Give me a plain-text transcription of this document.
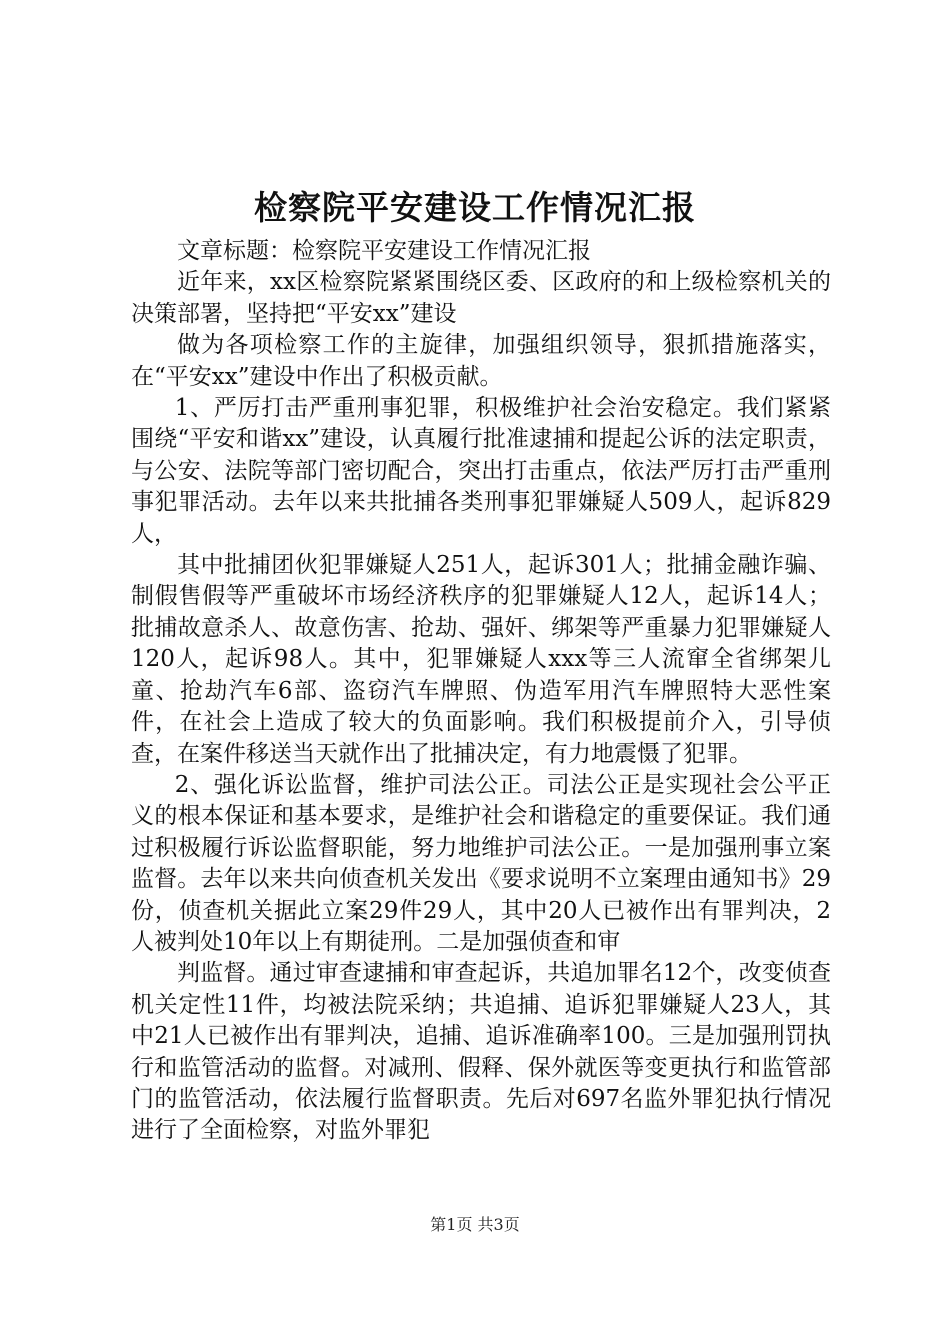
检察院平安建设工作情况汇报

文章标题：检察院平安建设工作情况汇报

近年来，xx区检察院紧紧围绕区委、区政府的和上级检察机关的决策部署，坚持把“平安xx”建设

做为各项检察工作的主旋律，加强组织领导，狠抓措施落实，在“平安xx”建设中作出了积极贡献。

1、严厉打击严重刑事犯罪，积极维护社会治安稳定。我们紧紧围绕“平安和谐xx”建设，认真履行批准逮捕和提起公诉的法定职责，与公安、法院等部门密切配合，突出打击重点，依法严厉打击严重刑事犯罪活动。去年以来共批捕各类刑事犯罪嫌疑人509人，起诉829人，

其中批捕团伙犯罪嫌疑人251人，起诉301人；批捕金融诈骗、制假售假等严重破坏市场经济秩序的犯罪嫌疑人12人，起诉14人；批捕故意杀人、故意伤害、抢劫、强奸、绑架等严重暴力犯罪嫌疑人120人，起诉98人。其中，犯罪嫌疑人xxx等三人流窜全省绑架儿童、抢劫汽车6部、盗窃汽车牌照、伪造军用汽车牌照特大恶性案件，在社会上造成了较大的负面影响。我们积极提前介入，引导侦查，在案件移送当天就作出了批捕决定，有力地震慑了犯罪。

2、强化诉讼监督，维护司法公正。司法公正是实现社会公平正义的根本保证和基本要求，是维护社会和谐稳定的重要保证。我们通过积极履行诉讼监督职能，努力地维护司法公正。一是加强刑事立案监督。去年以来共向侦查机关发出《要求说明不立案理由通知书》29份，侦查机关据此立案29件29人，其中20人已被作出有罪判决，2人被判处10年以上有期徒刑。二是加强侦查和审

判监督。通过审查逮捕和审查起诉，共追加罪名12个，改变侦查机关定性11件，均被法院采纳；共追捕、追诉犯罪嫌疑人23人，其中21人已被作出有罪判决，追捕、追诉准确率100。三是加强刑罚执行和监管活动的监督。对减刑、假释、保外就医等变更执行和监管部门的监管活动，依法履行监督职责。先后对697名监外罪犯执行情况进行了全面检察，对监外罪犯

第1页 共3页
